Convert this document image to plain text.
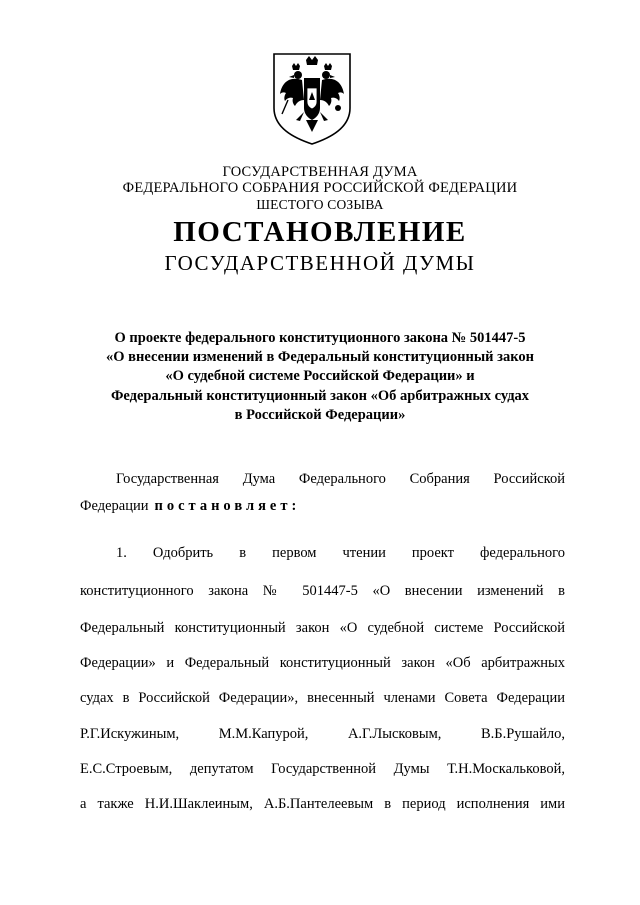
ГОСУДАРСТВЕННАЯ ДУМА
ФЕДЕРАЛЬНОГО СОБРАНИЯ РОССИЙСКОЙ ФЕДЕРАЦИИ
ШЕСТОГО СОЗЫВА
ПОСТАНОВЛЕНИЕ
ГОСУДАРСТВЕННОЙ ДУМЫ
О проекте федерального конституционного закона № 501447-5
«О внесении изменений в Федеральный конституционный закон
«О судебной системе Российской Федерации» и
Федеральный конституционный закон «Об арбитражных судах
в Российской Федерации»
Государственная Дума Федерального Собрания Российской
Федерации постановляет:
1. Одобрить в первом чтении проект федерального
конституционного закона № 501447-5 «О внесении изменений в
Федеральный конституционный закон «О судебной системе Российской
Федерации» и Федеральный конституционный закон «Об арбитражных
судах в Российской Федерации», внесенный членами Совета Федерации
Р.Г.Искужиным, М.М.Капурой, А.Г.Лысковым, В.Б.Рушайло,
Е.С.Строевым, депутатом Государственной Думы Т.Н.Москальковой,
а также Н.И.Шаклеиным, А.Б.Пантелеевым в период исполнения ими
